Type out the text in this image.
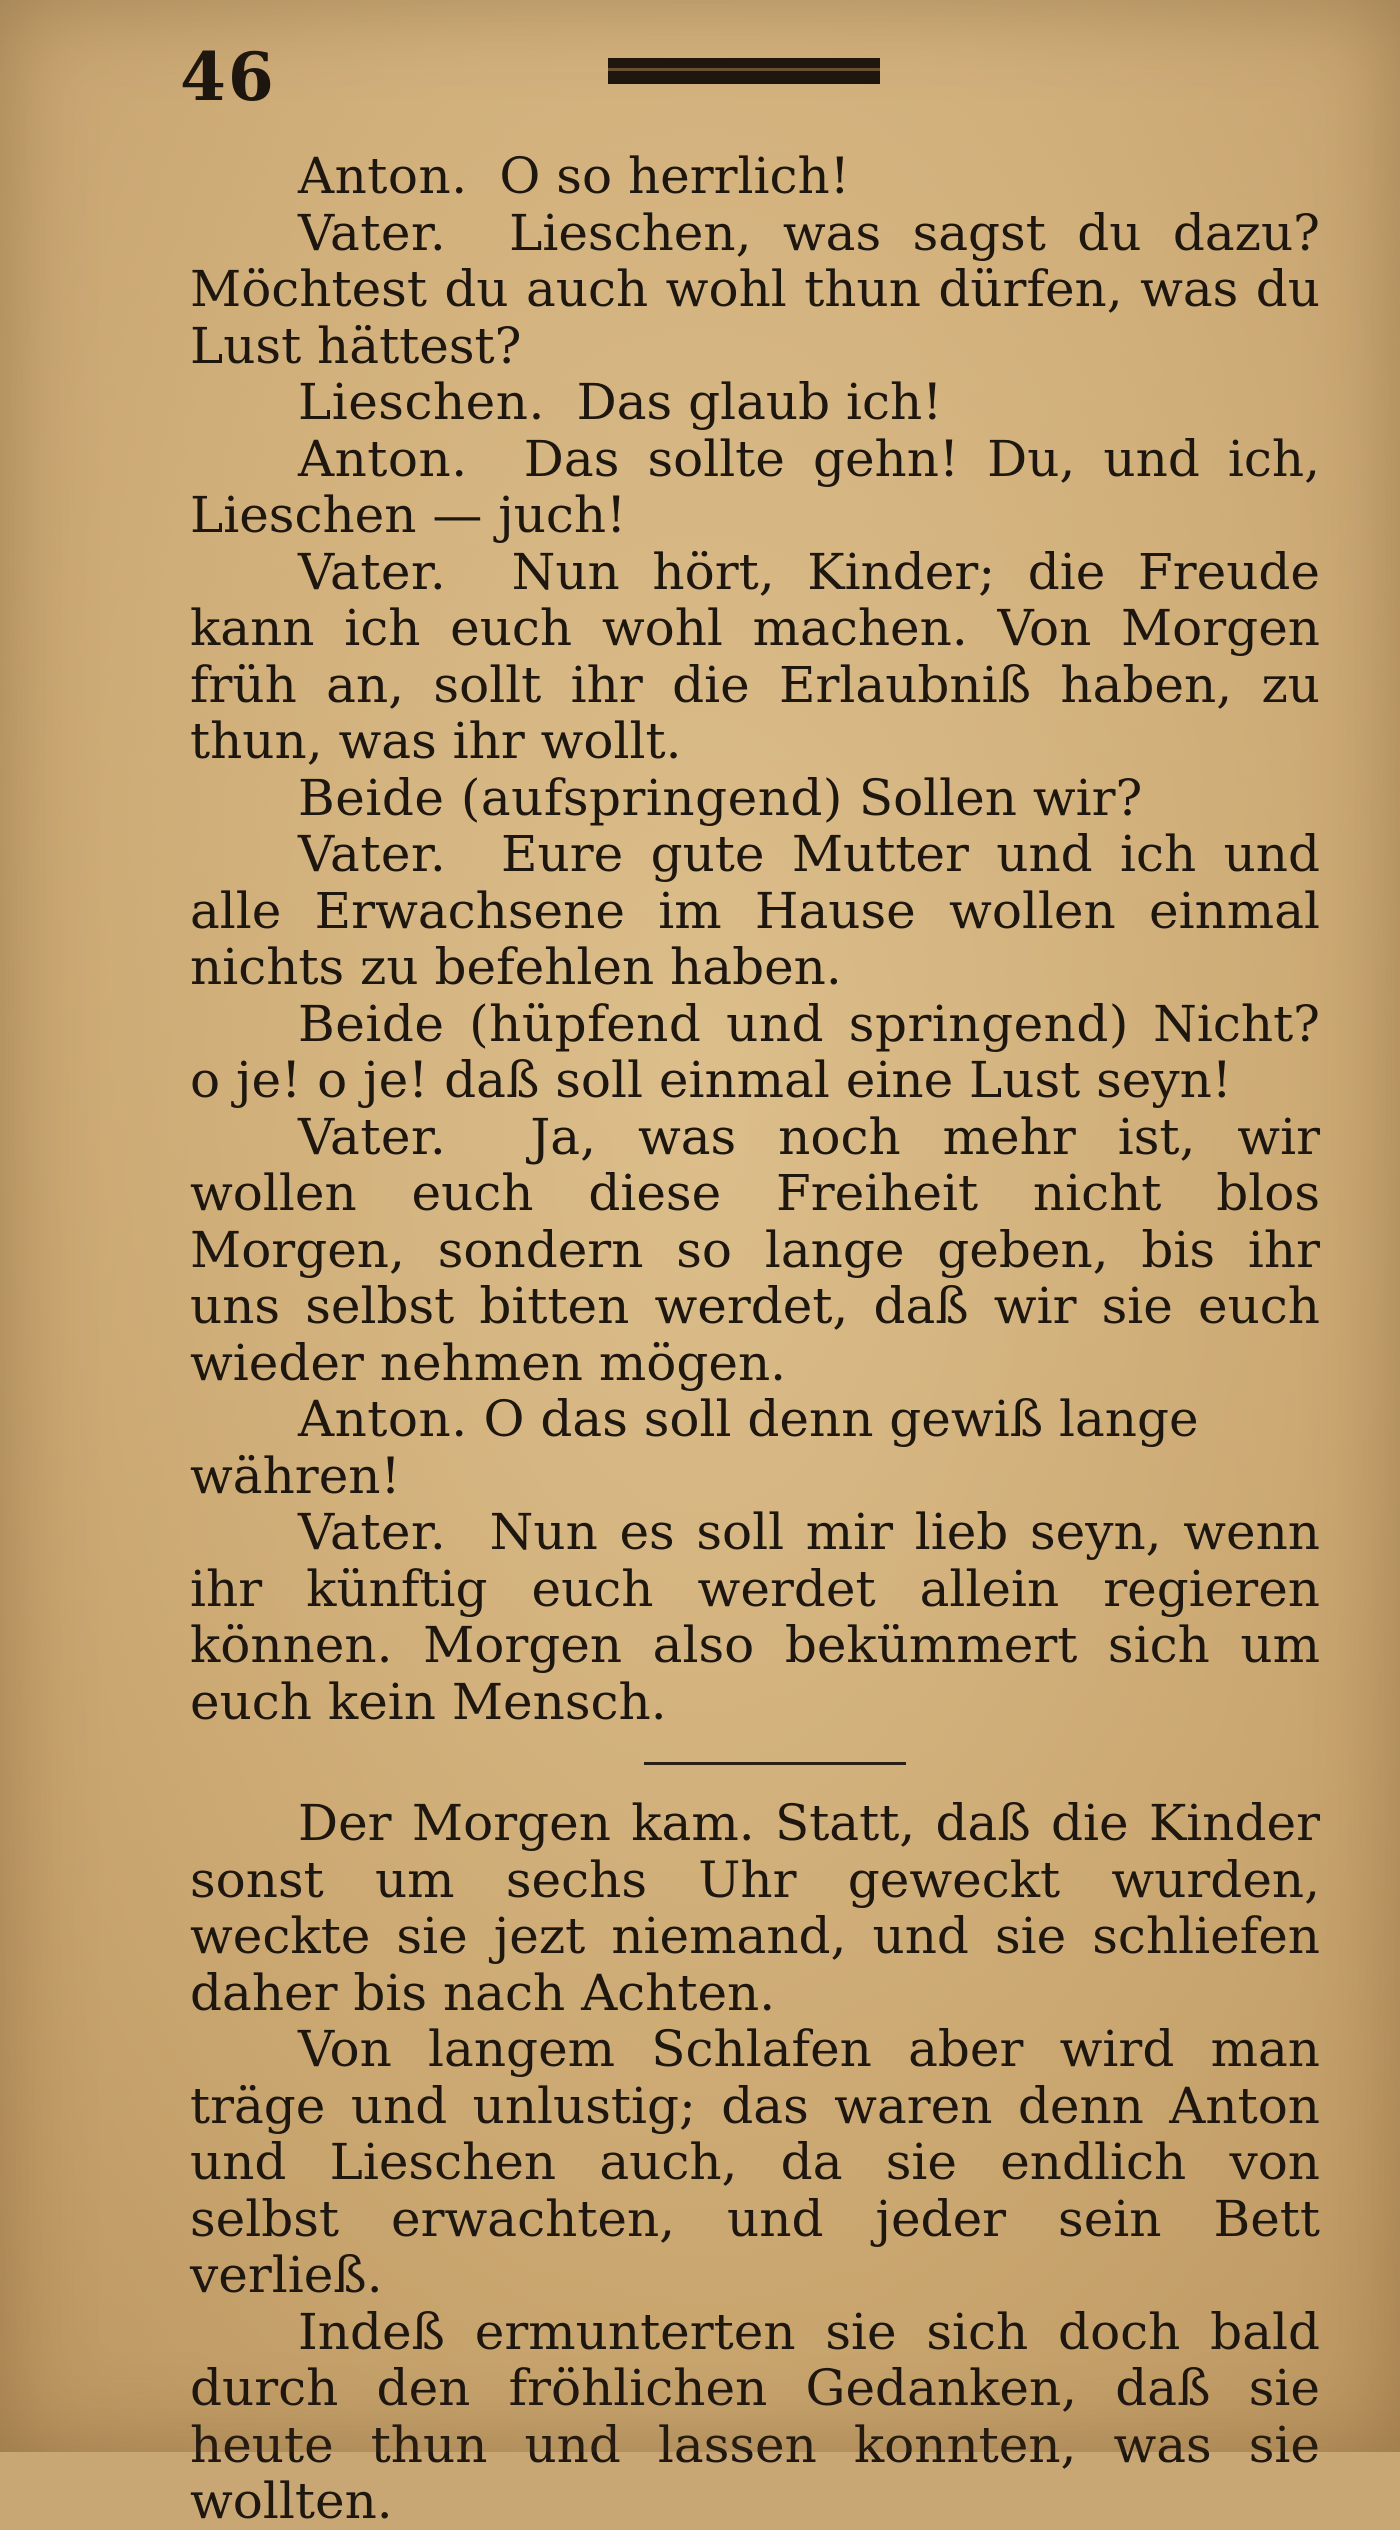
46

Anton. O so herrlich!

Vater. Lieschen, was sagst du dazu? Möchtest du auch wohl thun dürfen, was du Lust hättest?

Lieschen. Das glaub ich!

Anton. Das sollte gehn! Du, und ich, Lieschen — juch!

Vater. Nun hört, Kinder; die Freude kann ich euch wohl machen. Von Morgen früh an, sollt ihr die Erlaubniß haben, zu thun, was ihr wollt.

Beide (aufspringend) Sollen wir?

Vater. Eure gute Mutter und ich und alle Erwachsene im Hause wollen einmal nichts zu befehlen haben.

Beide (hüpfend und springend) Nicht? o je! o je! daß soll einmal eine Lust seyn!

Vater. Ja, was noch mehr ist, wir wollen euch diese Freiheit nicht blos Morgen, sondern so lange geben, bis ihr uns selbst bitten werdet, daß wir sie euch wieder nehmen mögen.

Anton. O das soll denn gewiß lange währen!

Vater. Nun es soll mir lieb seyn, wenn ihr künftig euch werdet allein regieren können. Morgen also bekümmert sich um euch kein Mensch.

Der Morgen kam. Statt, daß die Kinder sonst um sechs Uhr geweckt wurden, weckte sie jezt niemand, und sie schliefen daher bis nach Achten.

Von langem Schlafen aber wird man träge und unlustig; das waren denn Anton und Lieschen auch, da sie endlich von selbst erwachten, und jeder sein Bett verließ.

Indeß ermunterten sie sich doch bald durch den fröhlichen Gedanken, daß sie heute thun und lassen konnten, was sie wollten.
